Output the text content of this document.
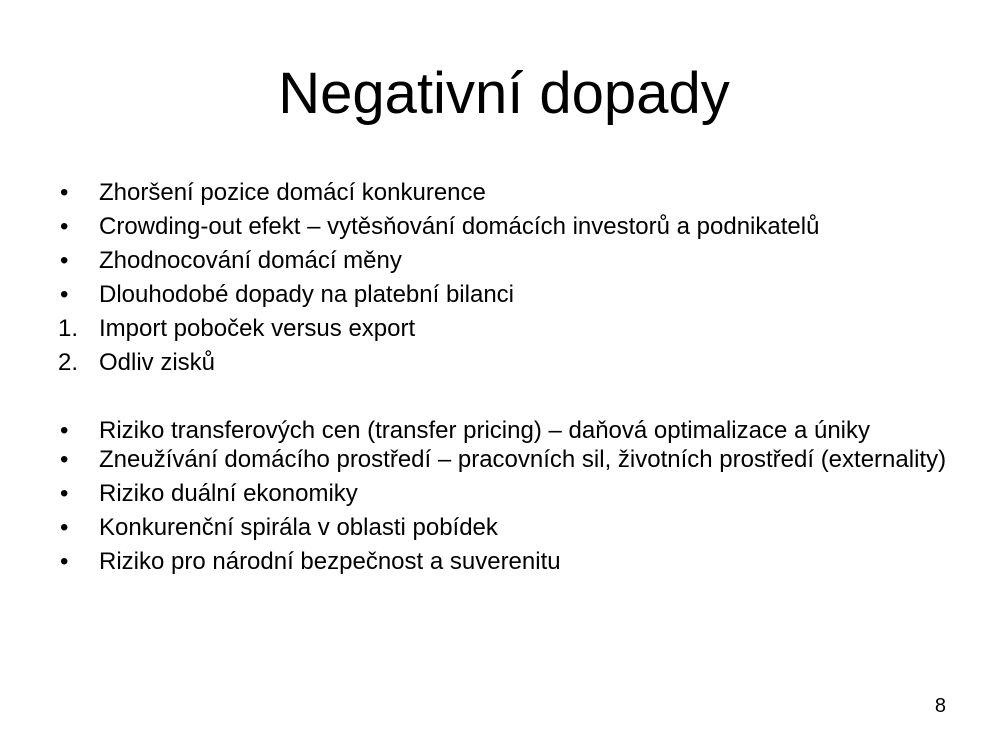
Negativní dopady
•	Zhoršení pozice domácí konkurence
•	Crowding-out efekt – vytěsňování domácích investorů a podnikatelů
•	Zhodnocování domácí měny
•	Dlouhodobé dopady na platební bilanci
1. Import poboček versus export
2. Odliv zisků
•	Riziko transferových cen (transfer pricing) – daňová optimalizace a úniky
•	Zneužívání domácího prostředí – pracovních sil, životních prostředí (externality)
•	Riziko duální ekonomiky
•	Konkurenční spirála v oblasti pobídek
•	Riziko pro národní bezpečnost a suverenitu
8
